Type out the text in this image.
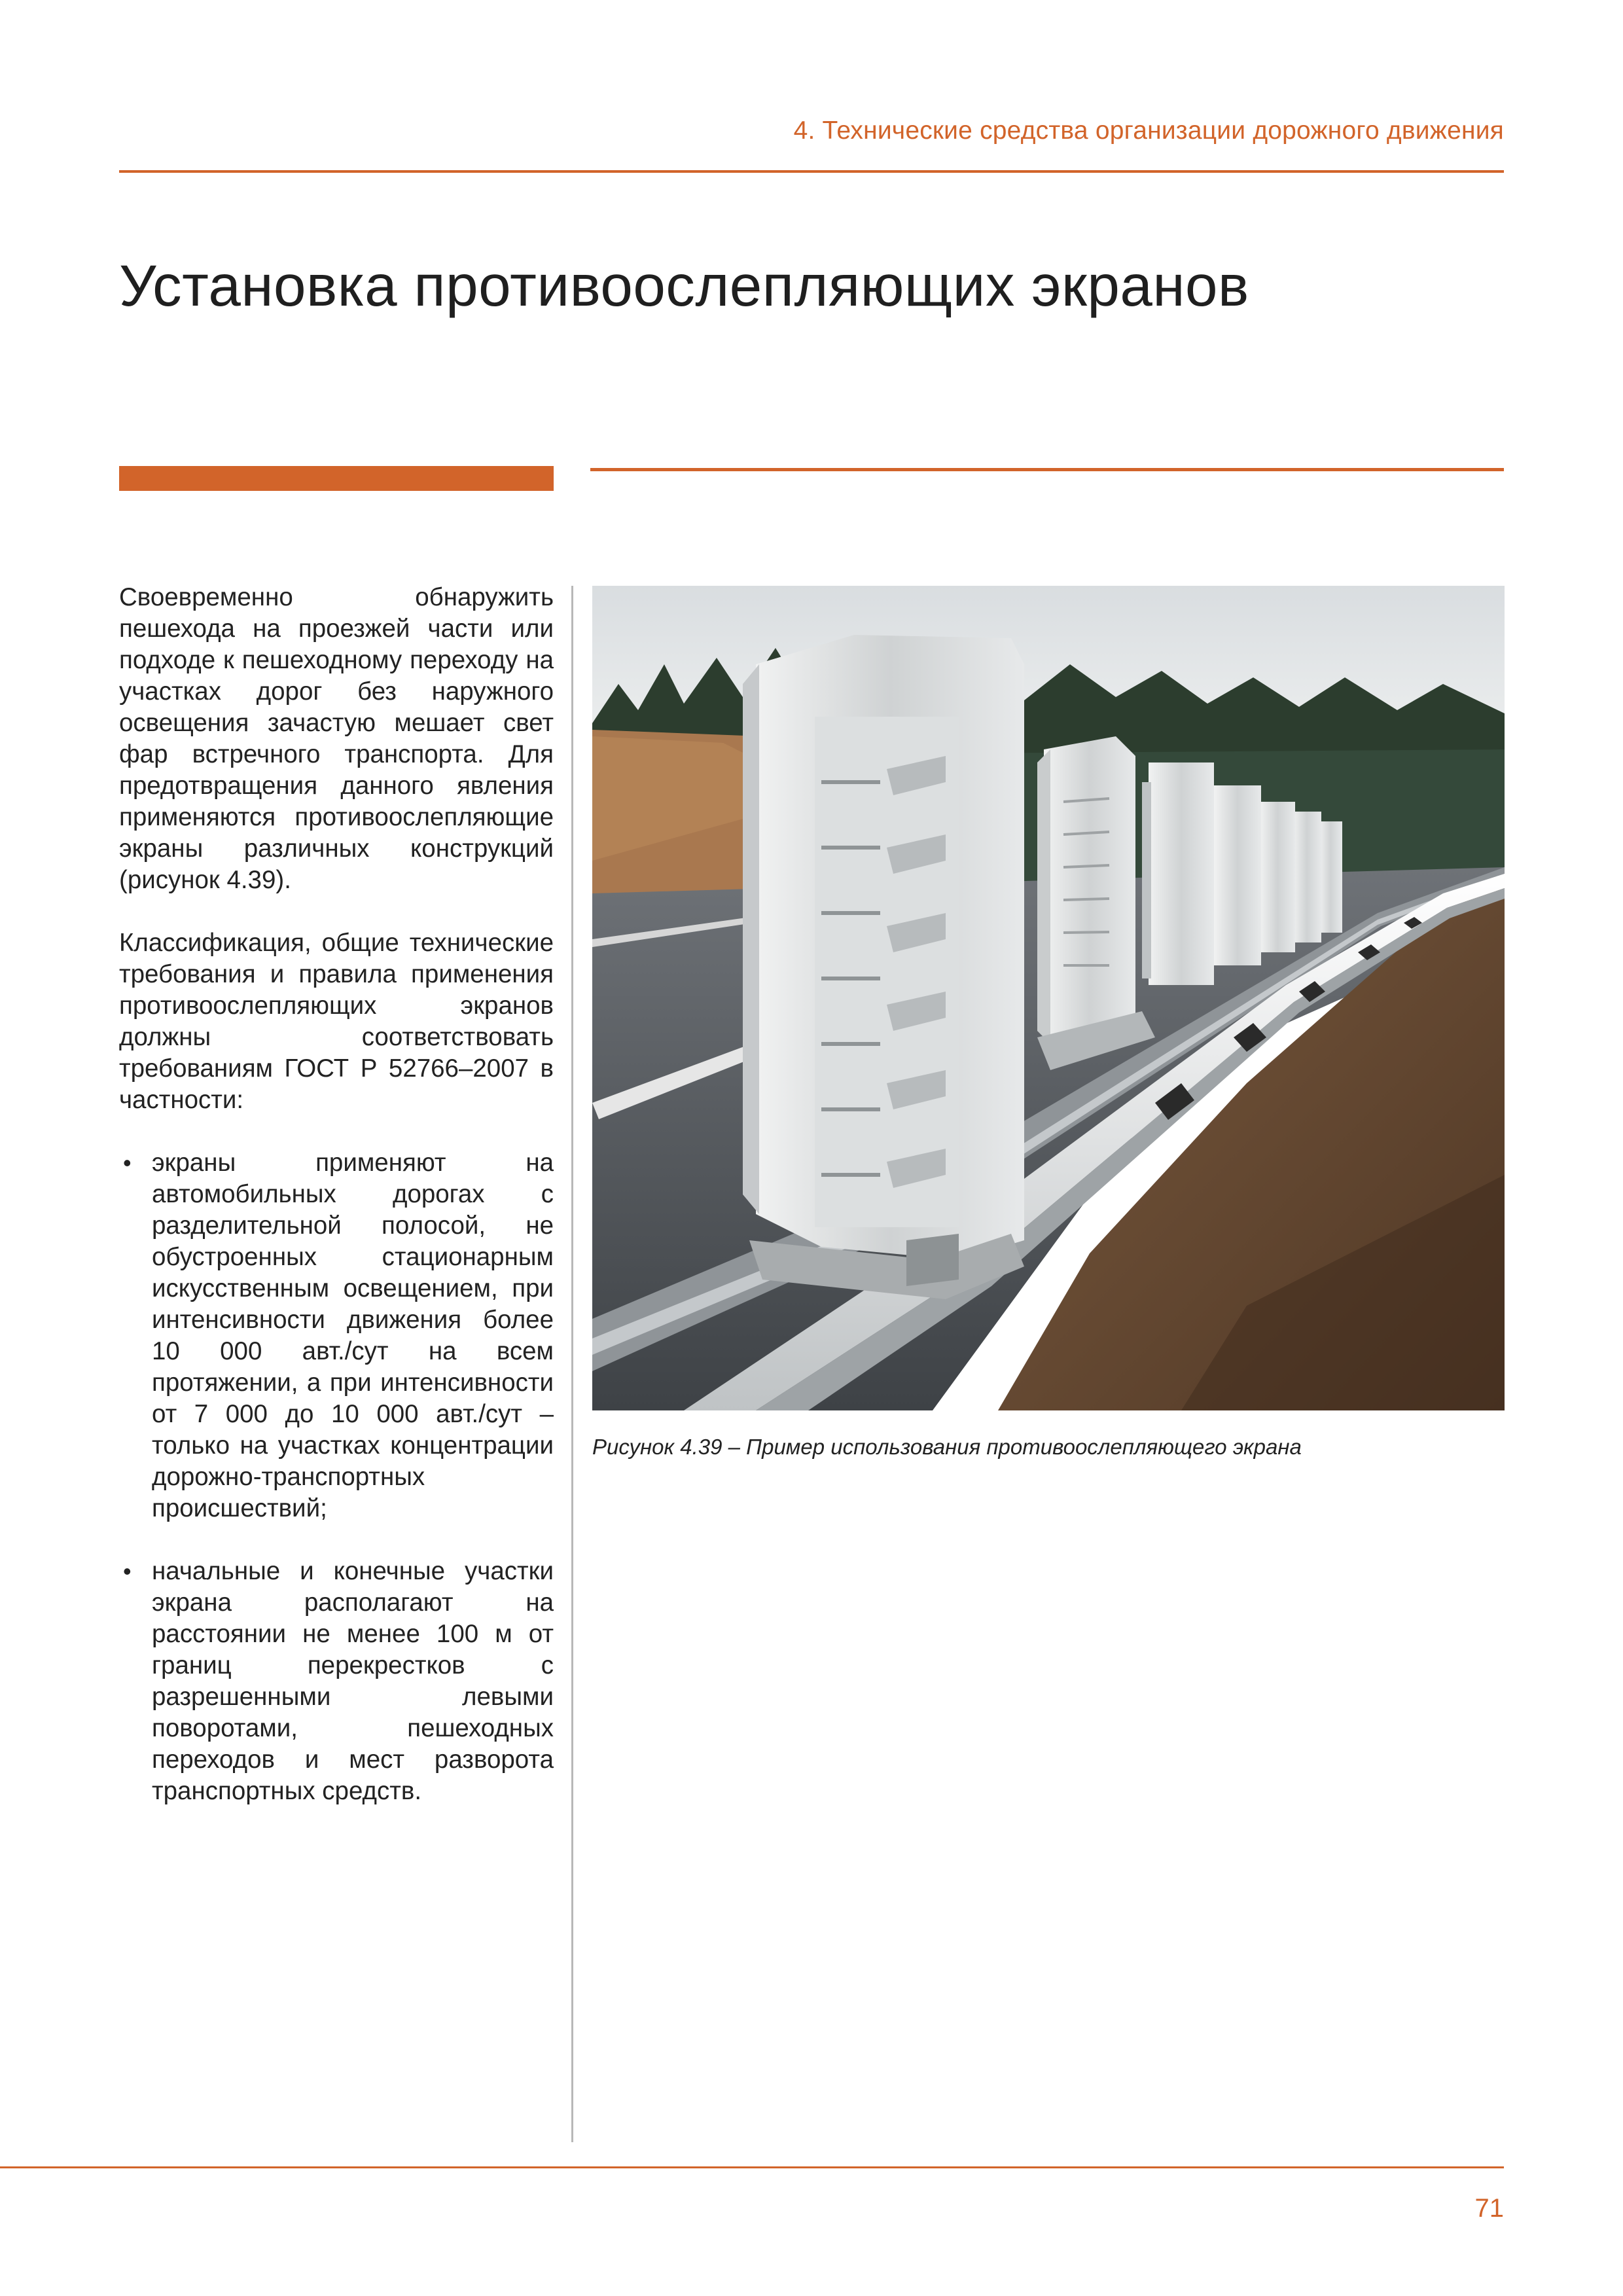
4. Технические средства организации дорожного движения
Установка противоослепляющих экранов

Своевременно обнаружить пешехода на проезжей части или подходе к пешеходному переходу на участках дорог без наружного освещения зачастую мешает свет фар встречного транспорта. Для предотвращения данного явления применяются противоослепляющие экраны различных конструкций (рисунок 4.39).

Классификация, общие технические требования и правила применения противоослепляющих экранов должны соответствовать требованиям ГОСТ Р 52766–2007 в частности:

• экраны применяют на автомобильных дорогах с разделительной полосой, не обустроенных стационарным искусственным освещением, при интенсивности движения более 10 000 авт./сут на всем протяжении, а при интенсивности от 7 000 до 10 000 авт./сут – только на участках концентрации дорожно-транспортных происшествий;
• начальные и конечные участки экрана располагают на расстоянии не менее 100 м от границ перекрестков с разрешенными левыми поворотами, пешеходных переходов и мест разворота транспортных средств.
Рисунок 4.39 – Пример использования противоослепляющего экрана
71
